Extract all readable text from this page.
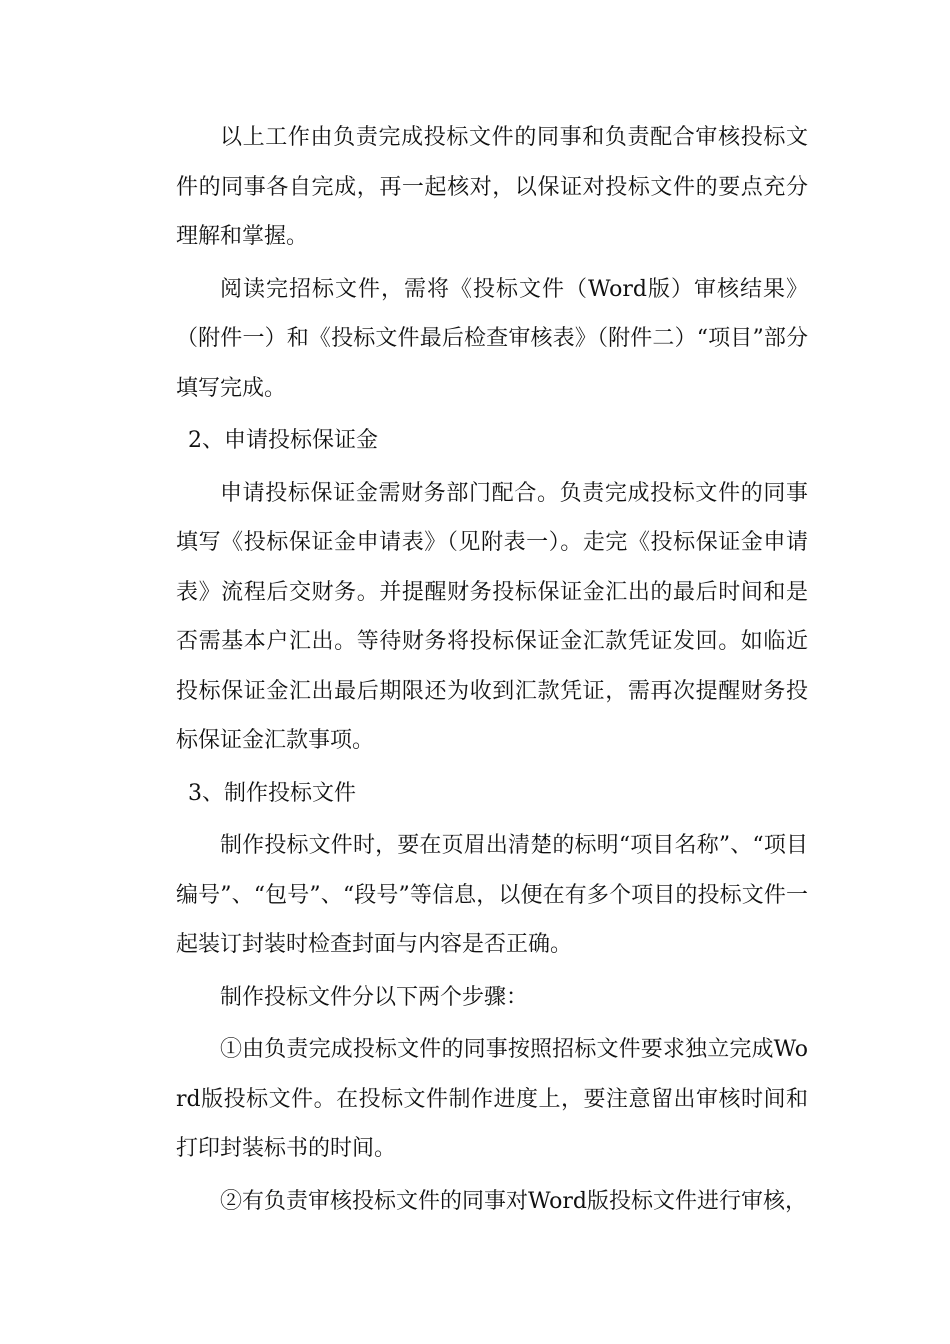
以上工作由负责完成投标文件的同事和负责配合审核投标文件的同事各自完成，再一起核对，以保证对投标文件的要点充分理解和掌握。

阅读完招标文件，需将《投标文件（Word版）审核结果》（附件一）和《投标文件最后检查审核表》（附件二）“项目”部分填写完成。

2、申请投标保证金

申请投标保证金需财务部门配合。负责完成投标文件的同事填写《投标保证金申请表》（见附表一）。走完《投标保证金申请表》流程后交财务。并提醒财务投标保证金汇出的最后时间和是否需基本户汇出。等待财务将投标保证金汇款凭证发回。如临近投标保证金汇出最后期限还为收到汇款凭证，需再次提醒财务投标保证金汇款事项。

3、制作投标文件

制作投标文件时，要在页眉出清楚的标明“项目名称”、“项目编号”、“包号”、“段号”等信息，以便在有多个项目的投标文件一起装订封装时检查封面与内容是否正确。

制作投标文件分以下两个步骤：

①由负责完成投标文件的同事按照招标文件要求独立完成Word版投标文件。在投标文件制作进度上，要注意留出审核时间和打印封装标书的时间。

②有负责审核投标文件的同事对Word版投标文件进行审核，
